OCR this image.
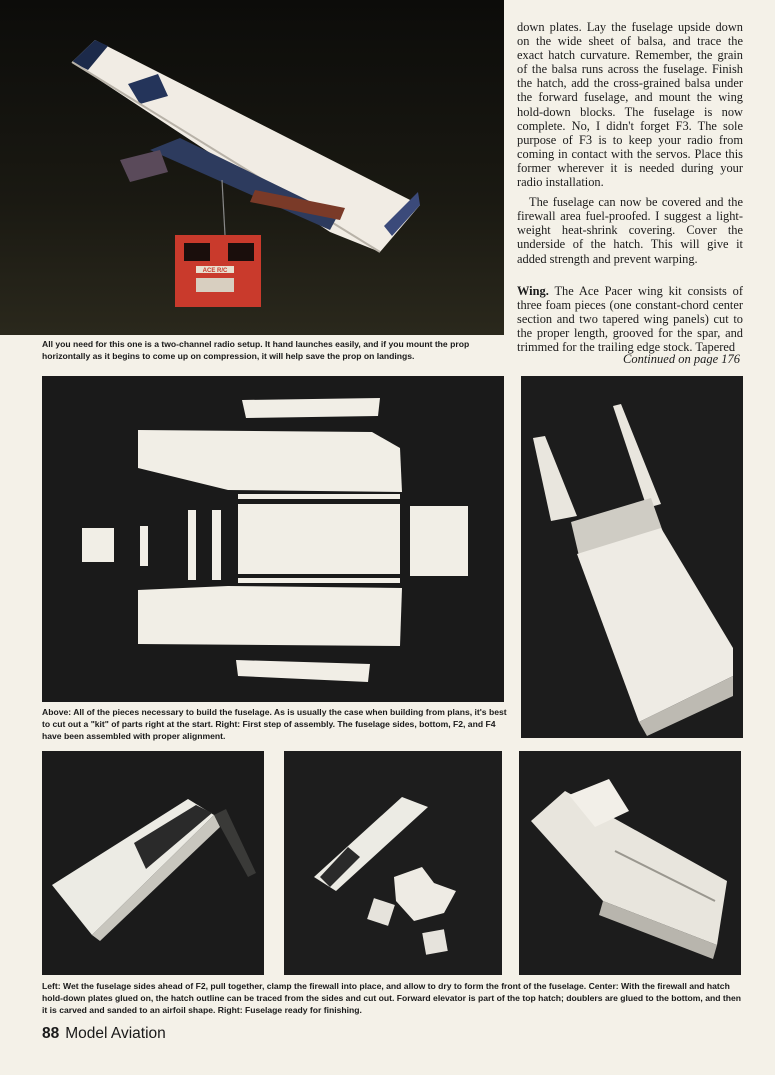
ACE R/C
All you need for this one is a two-channel radio setup. It hand launches easily, and if you mount the prop horizontally as it begins to come up on compression, it will help save the prop on landings.

down plates. Lay the fuselage upside down on the wide sheet of balsa, and trace the exact hatch curvature. Remember, the grain of the balsa runs across the fuselage. Finish the hatch, add the cross-grained balsa under the forward fuselage, and mount the wing hold-down blocks. The fuselage is now complete. No, I didn't forget F3. The sole purpose of F3 is to keep your radio from coming in contact with the servos. Place this former wherever it is needed during your radio installation.

The fuselage can now be covered and the firewall area fuel-proofed. I suggest a light-weight heat-shrink covering. Cover the underside of the hatch. This will give it added strength and prevent warping.

Wing. The Ace Pacer wing kit consists of three foam pieces (one constant-chord center section and two tapered wing panels) cut to the proper length, grooved for the spar, and trimmed for the trailing edge stock. Tapered

Continued on page 176
Above: All of the pieces necessary to build the fuselage. As is usually the case when building from plans, it's best to cut out a "kit" of parts right at the start. Right: First step of assembly. The fuselage sides, bottom, F2, and F4 have been assembled with proper alignment.
Left: Wet the fuselage sides ahead of F2, pull together, clamp the firewall into place, and allow to dry to form the front of the fuselage. Center: With the firewall and hatch hold-down plates glued on, the hatch outline can be traced from the sides and cut out. Forward elevator is part of the top hatch; doublers are glued to the bottom, and then it is carved and sanded to an airfoil shape. Right: Fuselage ready for finishing.
88 Model Aviation
